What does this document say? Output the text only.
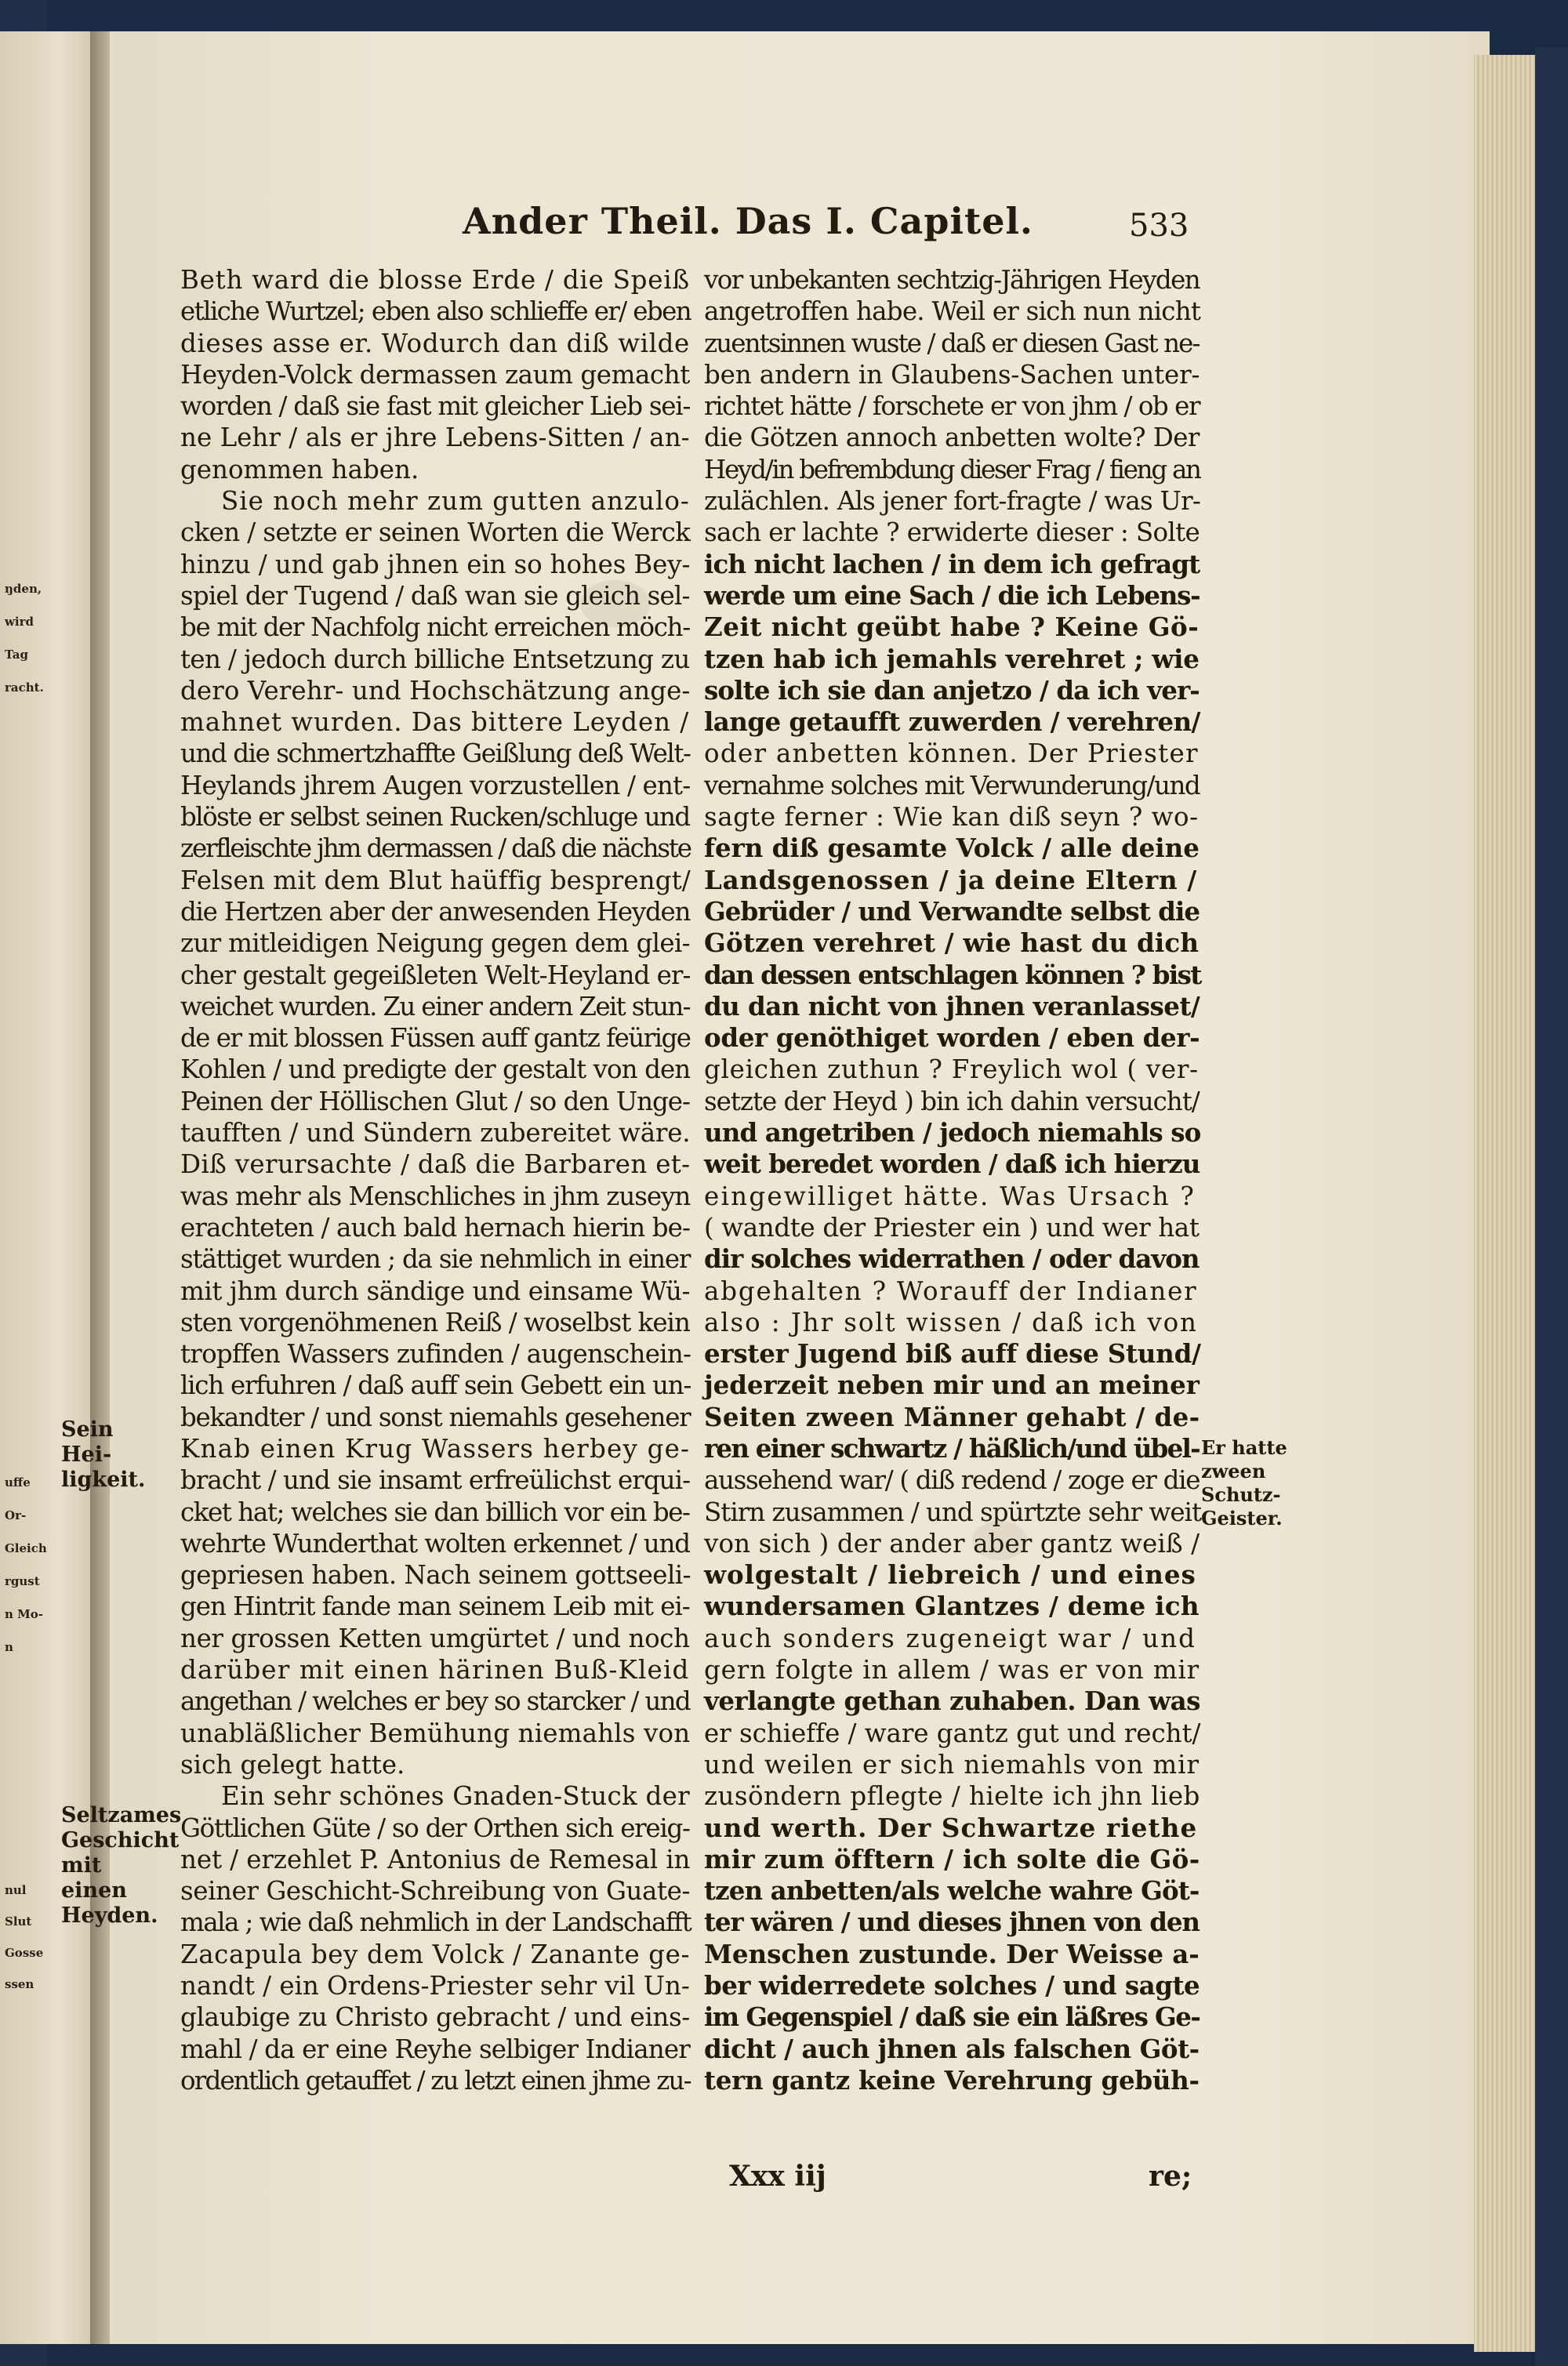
ŋden,
wird
Tag
racht.
uffe
Or-
Gleich
rgust
n Mo-
n
nul
Slut
Gosse
ssen
Ander Theil. Das I. Capitel.	533
Beth ward die blosse Erde / die Speiß
etliche Wurtzel; eben also schlieffe er/ eben
dieses asse er. Wodurch dan diß wilde
Heyden-Volck dermassen zaum gemacht
worden / daß sie fast mit gleicher Lieb sei-
ne Lehr / als er jhre Lebens-Sitten / an-
genommen haben.
Sie noch mehr zum gutten anzulo-
cken / setzte er seinen Worten die Werck
hinzu / und gab jhnen ein so hohes Bey-
spiel der Tugend / daß wan sie gleich sel-
be mit der Nachfolg nicht erreichen möch-
ten / jedoch durch billiche Entsetzung zu
dero Verehr- und Hochschätzung ange-
mahnet wurden. Das bittere Leyden /
und die schmertzhaffte Geißlung deß Welt-
Heylands jhrem Augen vorzustellen / ent-
blöste er selbst seinen Rucken/schluge und
zerfleischte jhm dermassen / daß die nächste
Felsen mit dem Blut haüffig besprengt/
die Hertzen aber der anwesenden Heyden
zur mitleidigen Neigung gegen dem glei-
cher gestalt gegeißleten Welt-Heyland er-
weichet wurden. Zu einer andern Zeit stun-
de er mit blossen Füssen auff gantz feürige
Kohlen / und predigte der gestalt von den
Peinen der Höllischen Glut / so den Unge-
taufften / und Sündern zubereitet wäre.
Diß verursachte / daß die Barbaren et-
was mehr als Menschliches in jhm zuseyn
erachteten / auch bald hernach hierin be-
stättiget wurden ; da sie nehmlich in einer
mit jhm durch sändige und einsame Wü-
sten vorgenöhmenen Reiß / woselbst kein
tropffen Wassers zufinden / augenschein-
lich erfuhren / daß auff sein Gebett ein un-
bekandter / und sonst niemahls gesehener
Knab einen Krug Wassers herbey ge-
bracht / und sie insamt erfreülichst erqui-
cket hat; welches sie dan billich vor ein be-
wehrte Wunderthat wolten erkennet / und
gepriesen haben. Nach seinem gottseeli-
gen Hintrit fande man seinem Leib mit ei-
ner grossen Ketten umgürtet / und noch
darüber mit einen härinen Buß-Kleid
angethan / welches er bey so starcker / und
unabläßlicher Bemühung niemahls von
sich gelegt hatte.
Ein sehr schönes Gnaden-Stuck der
Göttlichen Güte / so der Orthen sich ereig-
net / erzehlet P. Antonius de Remesal in
seiner Geschicht-Schreibung von Guate-
mala ; wie daß nehmlich in der Landschafft
Zacapula bey dem Volck / Zanante ge-
nandt / ein Ordens-Priester sehr vil Un-
glaubige zu Christo gebracht / und eins-
mahl / da er eine Reyhe selbiger Indianer
ordentlich getauffet / zu letzt einen jhme zu-
vor unbekanten sechtzig-Jährigen Heyden
angetroffen habe. Weil er sich nun nicht
zuentsinnen wuste / daß er diesen Gast ne-
ben andern in Glaubens-Sachen unter-
richtet hätte / forschete er von jhm / ob er
die Götzen annoch anbetten wolte? Der
Heyd/in befrembdung dieser Frag / fieng an
zulächlen. Als jener fort-fragte / was Ur-
sach er lachte ? erwiderte dieser : Solte
ich nicht lachen / in dem ich gefragt
werde um eine Sach / die ich Lebens-
Zeit nicht geübt habe ? Keine Gö-
tzen hab ich jemahls verehret ; wie
solte ich sie dan anjetzo / da ich ver-
lange getaufft zuwerden / verehren/
oder anbetten können. Der Priester
vernahme solches mit Verwunderung/und
sagte ferner : Wie kan diß seyn ? wo-
fern diß gesamte Volck / alle deine
Landsgenossen / ja deine Eltern /
Gebrüder / und Verwandte selbst die
Götzen verehret / wie hast du dich
dan dessen entschlagen können ? bist
du dan nicht von jhnen veranlasset/
oder genöthiget worden / eben der-
gleichen zuthun ? Freylich wol ( ver-
setzte der Heyd ) bin ich dahin versucht/
und angetriben / jedoch niemahls so
weit beredet worden / daß ich hierzu
eingewilliget hätte. Was Ursach ?
( wandte der Priester ein ) und wer hat
dir solches widerrathen / oder davon
abgehalten ? Worauff der Indianer
also : Jhr solt wissen / daß ich von
erster Jugend biß auff diese Stund/
jederzeit neben mir und an meiner
Seiten zween Männer gehabt / de-
ren einer schwartz / häßlich/und übel-
aussehend war/ ( diß redend / zoge er die
Stirn zusammen / und spürtzte sehr weit
von sich ) der ander aber gantz weiß /
wolgestalt / liebreich / und eines
wundersamen Glantzes / deme ich
auch sonders zugeneigt war / und
gern folgte in allem / was er von mir
verlangte gethan zuhaben. Dan was
er schieffe / ware gantz gut und recht/
und weilen er sich niemahls von mir
zusöndern pflegte / hielte ich jhn lieb
und werth. Der Schwartze riethe
mir zum öfftern / ich solte die Gö-
tzen anbetten/als welche wahre Göt-
ter wären / und dieses jhnen von den
Menschen zustunde. Der Weisse a-
ber widerredete solches / und sagte
im Gegenspiel / daß sie ein läßres Ge-
dicht / auch jhnen als falschen Göt-
tern gantz keine Verehrung gebüh-
Sein Hei-
ligkeit.
Seltzames
Geschicht
mit einen
Heyden.
Er hatte
zween
Schutz-
Geister.
Xxx iij	re;
